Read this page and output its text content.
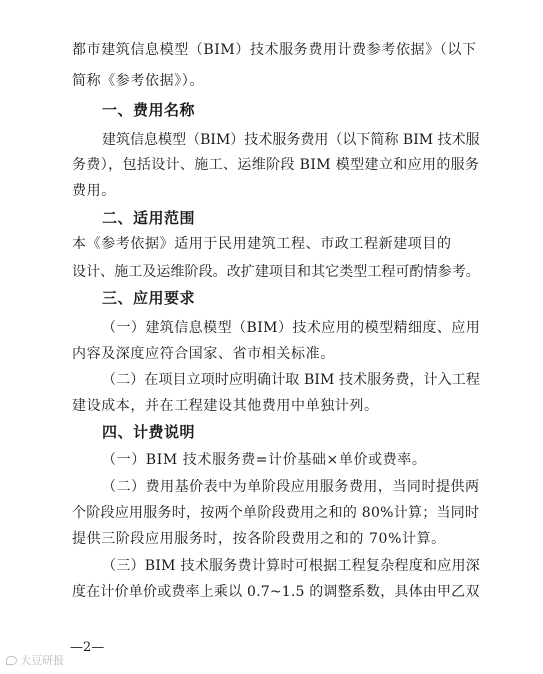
都市建筑信息模型（BIM）技术服务费用计费参考依据》（以下
简称《参考依据》）。
一、费用名称
建筑信息模型（BIM）技术服务费用（以下简称 BIM 技术服
务费），包括设计、施工、运维阶段 BIM 模型建立和应用的服务
费用。
二、适用范围
本《参考依据》适用于民用建筑工程、市政工程新建项目的
设计、施工及运维阶段。改扩建项目和其它类型工程可酌情参考。
三、应用要求
（一）建筑信息模型（BIM）技术应用的模型精细度、应用
内容及深度应符合国家、省市相关标准。
（二）在项目立项时应明确计取 BIM 技术服务费，计入工程
建设成本，并在工程建设其他费用中单独计列。
四、计费说明
（一）BIM 技术服务费=计价基础×单价或费率。
（二）费用基价表中为单阶段应用服务费用，当同时提供两
个阶段应用服务时，按两个单阶段费用之和的 80%计算；当同时
提供三阶段应用服务时，按各阶段费用之和的 70%计算。
（三）BIM 技术服务费计算时可根据工程复杂程度和应用深
度在计价单价或费率上乘以 0.7~1.5 的调整系数，具体由甲乙双
—2—
大豆研报
